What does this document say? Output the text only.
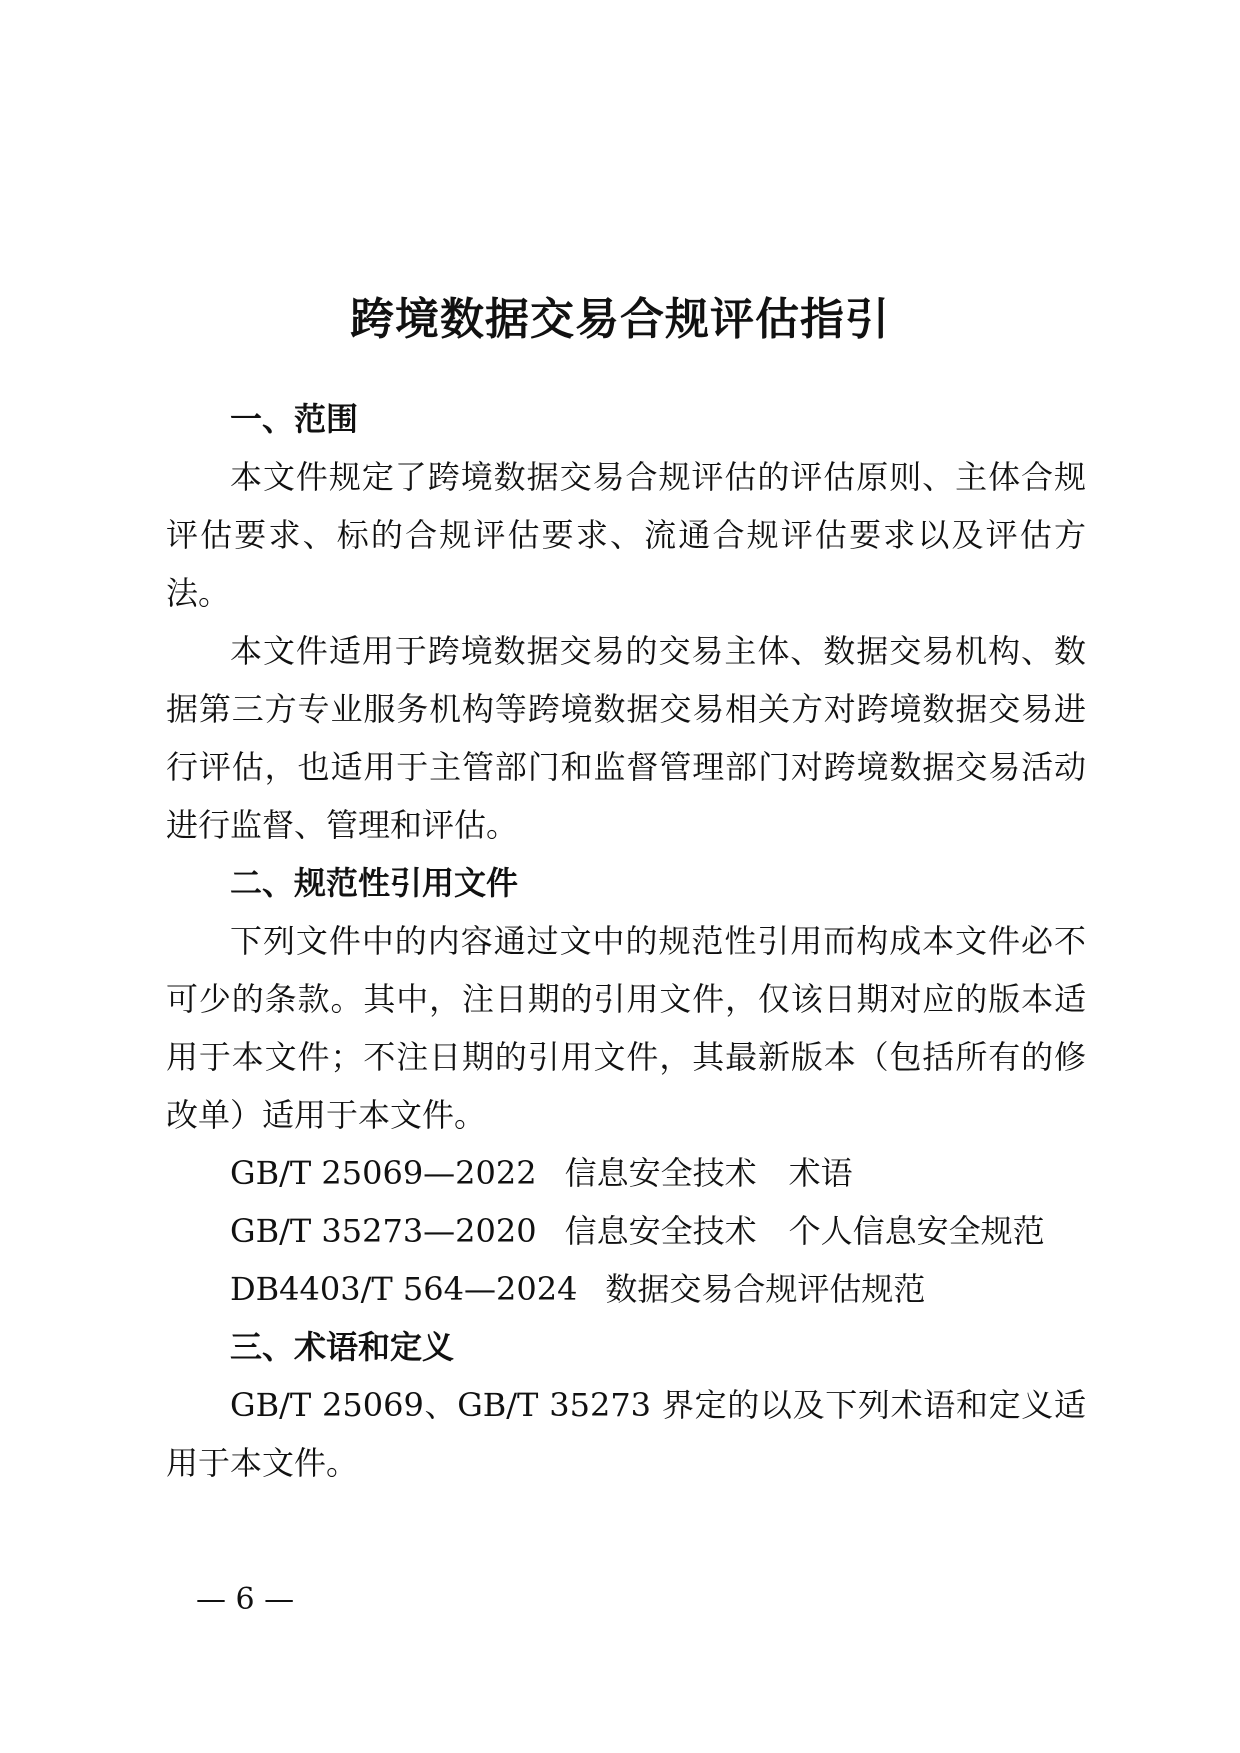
跨境数据交易合规评估指引
一、范围

本文件规定了跨境数据交易合规评估的评估原则、主体合规评估要求、标的合规评估要求、流通合规评估要求以及评估方法。

本文件适用于跨境数据交易的交易主体、数据交易机构、数据第三方专业服务机构等跨境数据交易相关方对跨境数据交易进行评估，也适用于主管部门和监督管理部门对跨境数据交易活动进行监督、管理和评估。

二、规范性引用文件

下列文件中的内容通过文中的规范性引用而构成本文件必不可少的条款。其中，注日期的引用文件，仅该日期对应的版本适用于本文件；不注日期的引用文件，其最新版本（包括所有的修改单）适用于本文件。

GB/T 25069—2022 信息安全技术　术语
GB/T 35273—2020 信息安全技术　个人信息安全规范
DB4403/T 564—2024 数据交易合规评估规范
三、术语和定义

GB/T 25069、GB/T 35273 界定的以及下列术语和定义适用于本文件。

— 6 —
